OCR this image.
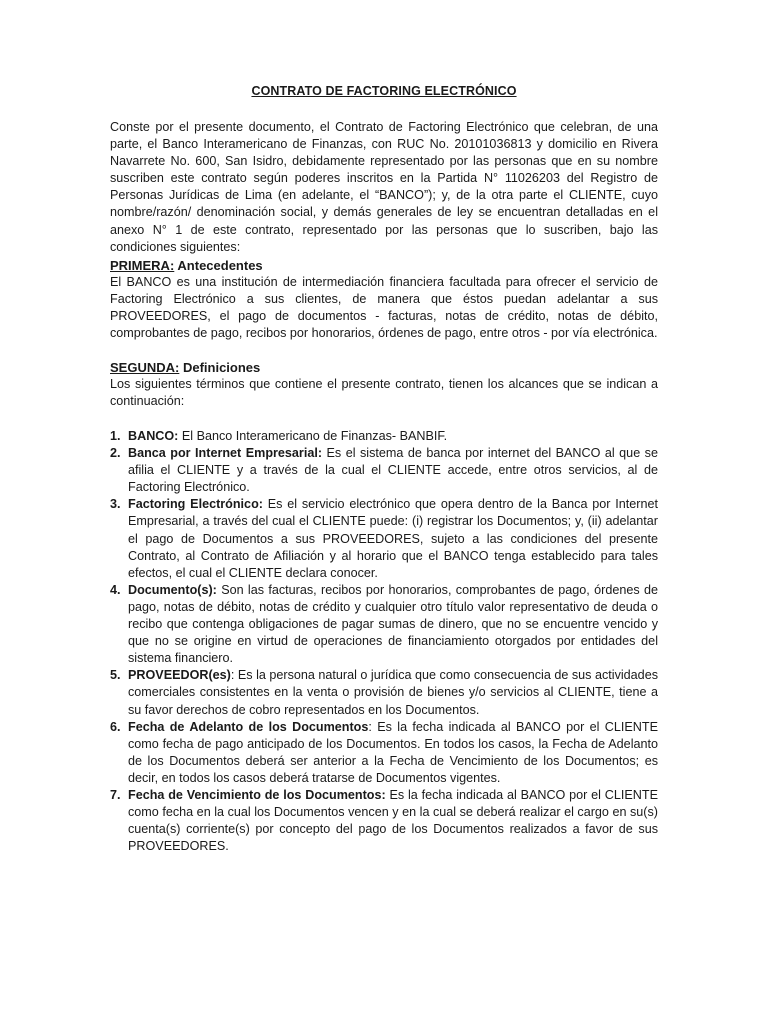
CONTRATO DE FACTORING ELECTRÓNICO
Conste por el presente documento, el Contrato de Factoring Electrónico que celebran, de una parte, el Banco Interamericano de Finanzas, con RUC No. 20101036813 y domicilio en Rivera Navarrete No. 600, San Isidro, debidamente representado por las personas que en su nombre suscriben este contrato según poderes inscritos en la Partida N° 11026203 del Registro de Personas Jurídicas de Lima (en adelante, el “BANCO”); y, de la otra parte el CLIENTE, cuyo nombre/razón/ denominación social, y demás generales de ley se encuentran detalladas en el anexo N° 1 de este contrato, representado por las personas que lo suscriben, bajo las condiciones siguientes:
PRIMERA: Antecedentes
El BANCO es una institución de intermediación financiera facultada para ofrecer el servicio de Factoring Electrónico a sus clientes, de manera que éstos puedan adelantar a sus PROVEEDORES, el pago de documentos - facturas, notas de crédito, notas de débito, comprobantes de pago, recibos por honorarios, órdenes de pago, entre otros - por vía electrónica.
SEGUNDA: Definiciones
Los siguientes términos que contiene el presente contrato, tienen los alcances que se indican a continuación:
1. BANCO: El Banco Interamericano de Finanzas- BANBIF.
2. Banca por Internet Empresarial: Es el sistema de banca por internet del BANCO al que se afilia el CLIENTE y a través de la cual el CLIENTE accede, entre otros servicios, al de Factoring Electrónico.
3. Factoring Electrónico: Es el servicio electrónico que opera dentro de la Banca por Internet Empresarial, a través del cual el CLIENTE puede: (i) registrar los Documentos; y, (ii) adelantar el pago de Documentos a sus PROVEEDORES, sujeto a las condiciones del presente Contrato, al Contrato de Afiliación y al horario que el BANCO tenga establecido para tales efectos, el cual el CLIENTE declara conocer.
4. Documento(s): Son las facturas, recibos por honorarios, comprobantes de pago, órdenes de pago, notas de débito, notas de crédito y cualquier otro título valor representativo de deuda o recibo que contenga obligaciones de pagar sumas de dinero, que no se encuentre vencido y que no se origine en virtud de operaciones de financiamiento otorgados por entidades del sistema financiero.
5. PROVEEDOR(es): Es la persona natural o jurídica que como consecuencia de sus actividades comerciales consistentes en la venta o provisión de bienes y/o servicios al CLIENTE, tiene a su favor derechos de cobro representados en los Documentos.
6. Fecha de Adelanto de los Documentos: Es la fecha indicada al BANCO por el CLIENTE como fecha de pago anticipado de los Documentos. En todos los casos, la Fecha de Adelanto de los Documentos deberá ser anterior a la Fecha de Vencimiento de los Documentos; es decir, en todos los casos deberá tratarse de Documentos vigentes.
7. Fecha de Vencimiento de los Documentos: Es la fecha indicada al BANCO por el CLIENTE como fecha en la cual los Documentos vencen y en la cual se deberá realizar el cargo en su(s) cuenta(s) corriente(s) por concepto del pago de los Documentos realizados a favor de sus PROVEEDORES.
